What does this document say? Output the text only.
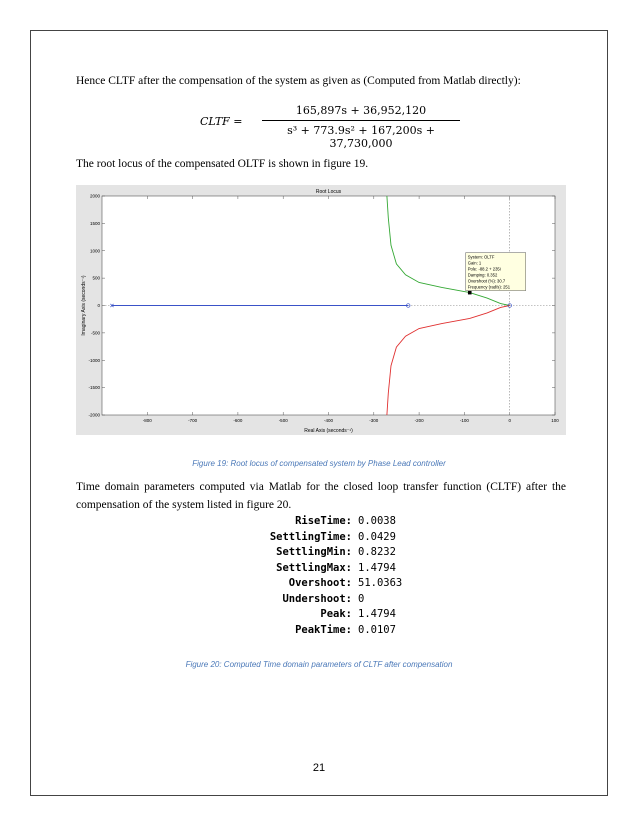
Hence CLTF after the compensation of the system as given as (Computed from Matlab directly):
CLTF =
165,897s + 36,952,120
s³ + 773.9s² + 167,200s + 37,730,000
The root locus of the compensated OLTF is shown in figure 19.
Root Locus
-800	-700	-600	-500	-400	-300	-200	-100	0	100
2000
1500
1000
500
0
-500
-1000
-1500
-2000
Real Axis (seconds⁻¹)
Imaginary Axis (seconds⁻¹)
System: OLTF
Gain: 1
Pole: -88.2 + 235i
Damping: 0.352
Overshoot (%): 30.7
Frequency (rad/s): 251
Figure 19: Root locus of compensated system by Phase Lead controller
Time domain parameters computed via Matlab for the closed loop transfer function (CLTF) after the compensation of the system listed in figure 20.
RiseTime: 0.0038
SettlingTime: 0.0429
SettlingMin: 0.8232
SettlingMax: 1.4794
Overshoot: 51.0363
Undershoot: 0
Peak: 1.4794
PeakTime: 0.0107
Figure 20: Computed Time domain parameters of CLTF after compensation
21
